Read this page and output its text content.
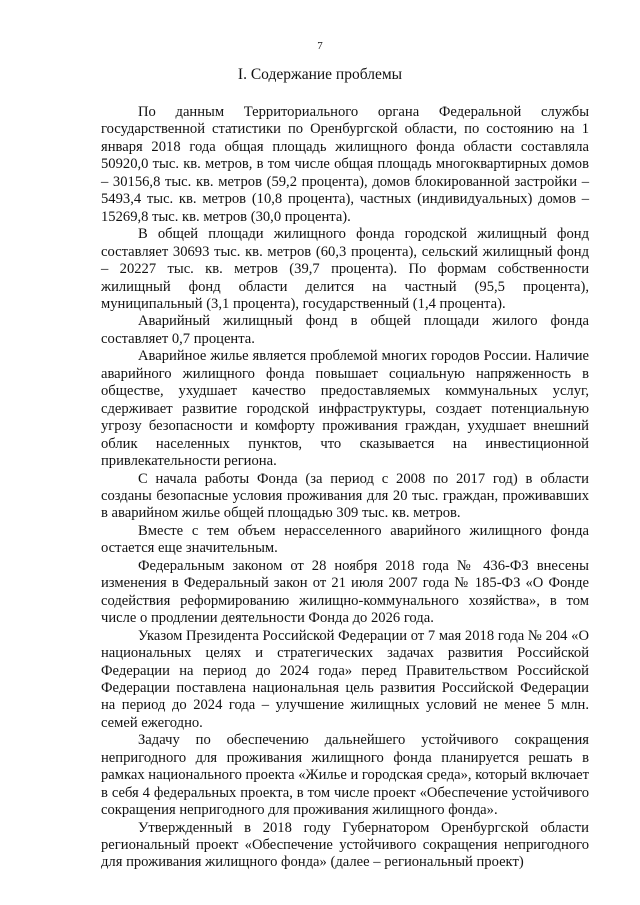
7
I. Содержание проблемы

По данным Территориального органа Федеральной службы государственной статистики по Оренбургской области, по состоянию на 1 января 2018 года общая площадь жилищного фонда области составляла 50920,0 тыс. кв. метров, в том числе общая площадь многоквартирных домов – 30156,8 тыс. кв. метров (59,2 процента), домов блокированной застройки – 5493,4 тыс. кв. метров (10,8 процента), частных (индивидуальных) домов – 15269,8 тыс. кв. метров (30,0 процента).

В общей площади жилищного фонда городской жилищный фонд составляет 30693 тыс. кв. метров (60,3 процента), сельский жилищный фонд – 20227 тыс. кв. метров (39,7 процента). По формам собственности жилищный фонд области делится на частный (95,5 процента), муниципальный (3,1 процента), государственный (1,4 процента).

Аварийный жилищный фонд в общей площади жилого фонда составляет 0,7 процента.

Аварийное жилье является проблемой многих городов России. Наличие аварийного жилищного фонда повышает социальную напряженность в обществе, ухудшает качество предоставляемых коммунальных услуг, сдерживает развитие городской инфраструктуры, создает потенциальную угрозу безопасности и комфорту проживания граждан, ухудшает внешний облик населенных пунктов, что сказывается на инвестиционной привлекательности региона.

С начала работы Фонда (за период с 2008 по 2017 год) в области созданы безопасные условия проживания для 20 тыс. граждан, проживавших в аварийном жилье общей площадью 309 тыс. кв. метров.

Вместе с тем объем нерасселенного аварийного жилищного фонда остается еще значительным.

Федеральным законом от 28 ноября 2018 года № 436-ФЗ внесены изменения в Федеральный закон от 21 июля 2007 года № 185-ФЗ «О Фонде содействия реформированию жилищно-коммунального хозяйства», в том числе о продлении деятельности Фонда до 2026 года.

Указом Президента Российской Федерации от 7 мая 2018 года № 204 «О национальных целях и стратегических задачах развития Российской Федерации на период до 2024 года» перед Правительством Российской Федерации поставлена национальная цель развития Российской Федерации на период до 2024 года – улучшение жилищных условий не менее 5 млн. семей ежегодно.

Задачу по обеспечению дальнейшего устойчивого сокращения непригодного для проживания жилищного фонда планируется решать в рамках национального проекта «Жилье и городская среда», который включает в себя 4 федеральных проекта, в том числе проект «Обеспечение устойчивого сокращения непригодного для проживания жилищного фонда».

Утвержденный в 2018 году Губернатором Оренбургской области региональный проект «Обеспечение устойчивого сокращения непригодного для проживания жилищного фонда» (далее – региональный проект)
